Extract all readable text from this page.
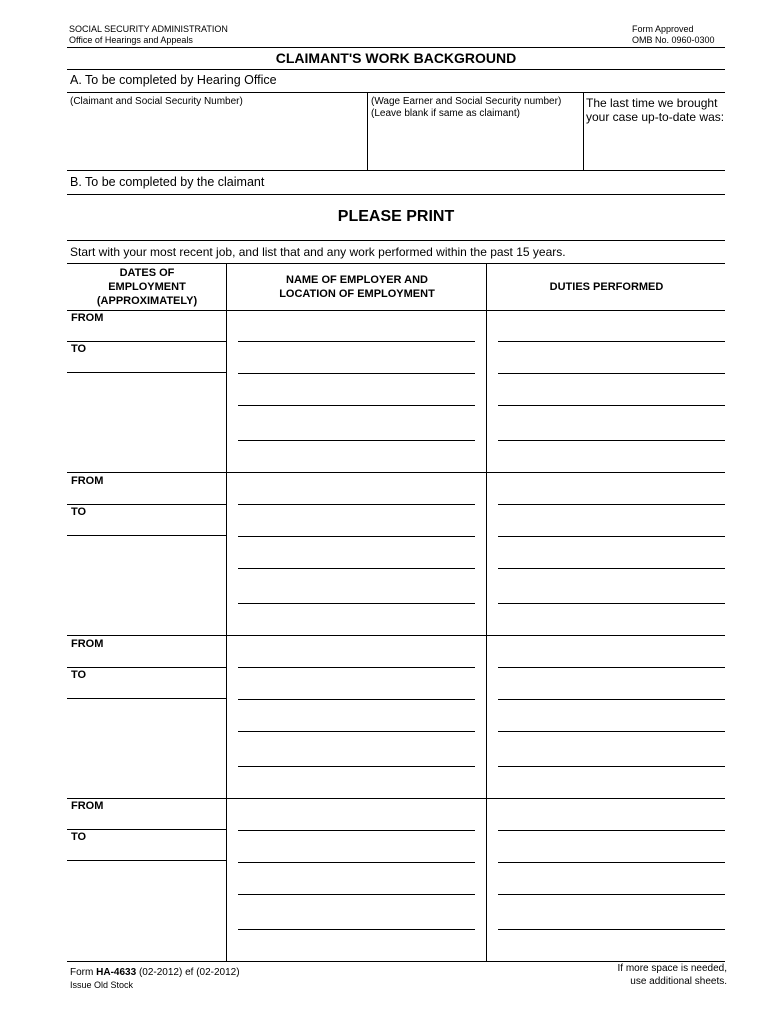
SOCIAL SECURITY ADMINISTRATION
Office of Hearings and Appeals
Form Approved
OMB No. 0960-0300
CLAIMANT'S WORK BACKGROUND
A. To be completed by Hearing Office
(Claimant and Social Security Number)	(Wage Earner and Social Security number)
(Leave blank if same as claimant)
The last time we brought
your case up-to-date was:
B. To be completed by the claimant
PLEASE PRINT
Start with your most recent job, and list that and any work performed within the past 15 years.
DATES OF
EMPLOYMENT
(APPROXIMATELY)
NAME OF EMPLOYER AND
LOCATION OF EMPLOYMENT
DUTIES PERFORMED
FROM
TO
FROM
TO
FROM
TO
FROM
TO
Form HA-4633 (02-2012) ef (02-2012)
Issue Old Stock
If more space is needed,
use additional sheets.
